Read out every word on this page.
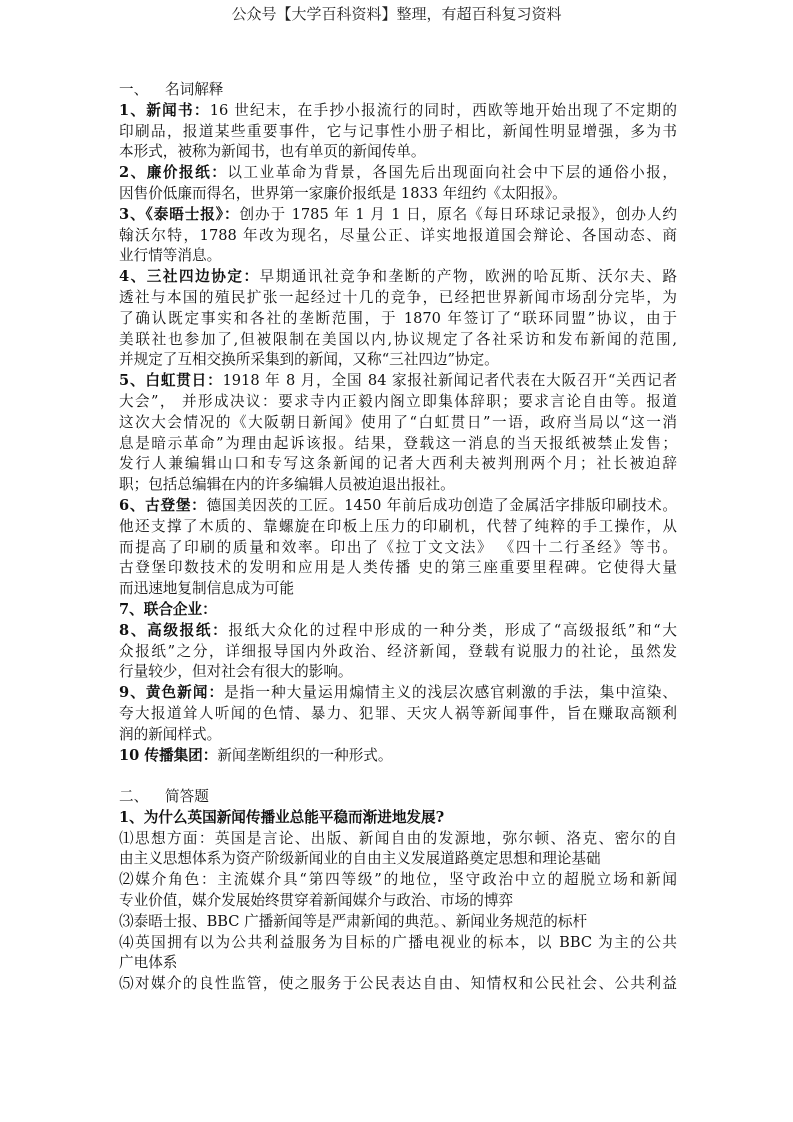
公众号【大学百科资料】整理，有超百科复习资料
一、 名词解释
1、新闻书：16 世纪末，在手抄小报流行的同时，西欧等地开始出现了不定期的
印刷品，报道某些重要事件，它与记事性小册子相比，新闻性明显增强，多为书
本形式，被称为新闻书，也有单页的新闻传单。
2、廉价报纸：以工业革命为背景，各国先后出现面向社会中下层的通俗小报，
因售价低廉而得名，世界第一家廉价报纸是 1833 年纽约《太阳报》。
3、《泰晤士报》：创办于 1785 年 1 月 1 日，原名《每日环球记录报》，创办人约
翰沃尔特，1788 年改为现名，尽量公正、详实地报道国会辩论、各国动态、商
业行情等消息。
4、三社四边协定：早期通讯社竞争和垄断的产物，欧洲的哈瓦斯、沃尔夫、路
透社与本国的殖民扩张一起经过十几的竞争，已经把世界新闻市场刮分完毕，为
了确认既定事实和各社的垄断范围，于 1870 年签订了“联环同盟”协议，由于
美联社也参加了,但被限制在美国以内,协议规定了各社采访和发布新闻的范围,
并规定了互相交换所采集到的新闻，又称“三社四边”协定。
5、白虹贯日：1918 年 8 月，全国 84 家报社新闻记者代表在大阪召开“关西记者
大会”， 并形成决议：要求寺内正毅内阁立即集体辞职；要求言论自由等。报道
这次大会情况的《大阪朝日新闻》使用了“白虹贯日”一语，政府当局以“这一消
息是暗示革命”为理由起诉该报。结果，登载这一消息的当天报纸被禁止发售；
发行人兼编辑山口和专写这条新闻的记者大西利夫被判刑两个月；社长被迫辞
职；包括总编辑在内的许多编辑人员被迫退出报社。
6、古登堡：德国美因茨的工匠。1450 年前后成功创造了金属活字排版印刷技术。
他还支撑了木质的、靠螺旋在印板上压力的印刷机，代替了纯粹的手工操作，从
而提高了印刷的质量和效率。印出了《拉丁文文法》 《四十二行圣经》等书。
古登堡印数技术的发明和应用是人类传播 史的第三座重要里程碑。它使得大量
而迅速地复制信息成为可能
7、联合企业：
8、高级报纸：报纸大众化的过程中形成的一种分类，形成了“高级报纸”和“大
众报纸”之分，详细报导国内外政治、经济新闻，登载有说服力的社论，虽然发
行量较少，但对社会有很大的影响。
9、黄色新闻：是指一种大量运用煽情主义的浅层次感官刺激的手法，集中渲染、
夸大报道耸人听闻的色情、暴力、犯罪、天灾人祸等新闻事件，旨在赚取高额利
润的新闻样式。
10 传播集团：新闻垄断组织的一种形式。
二、 简答题
1、为什么英国新闻传播业总能平稳而渐进地发展?
⑴思想方面：英国是言论、出版、新闻自由的发源地，弥尔顿、洛克、密尔的自
由主义思想体系为资产阶级新闻业的自由主义发展道路奠定思想和理论基础
⑵媒介角色：主流媒介具“第四等级”的地位，坚守政治中立的超脱立场和新闻
专业价值，媒介发展始终贯穿着新闻媒介与政治、市场的博弈
⑶泰晤士报、BBC 广播新闻等是严肃新闻的典范。、新闻业务规范的标杆
⑷英国拥有以为公共利益服务为目标的广播电视业的标本，以 BBC 为主的公共
广电体系
⑸对媒介的良性监管，使之服务于公民表达自由、知情权和公民社会、公共利益
